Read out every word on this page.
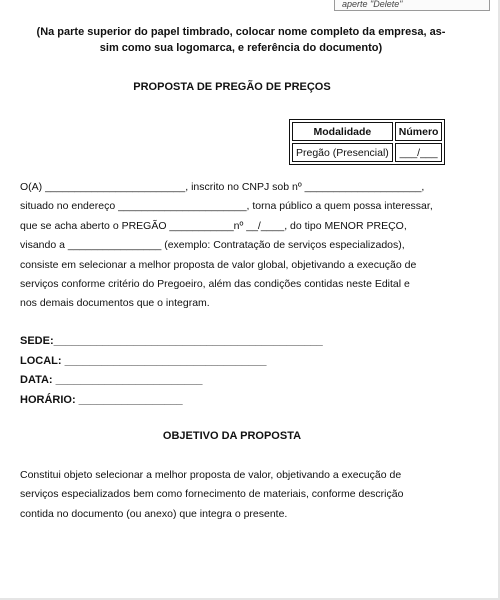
aperte "Delete"
(Na parte superior do papel timbrado, colocar nome completo da empresa, as-
sim como sua logomarca, e referência do documento)
PROPOSTA DE PREGÃO DE PREÇOS
Modalidade	Número
Pregão (Presencial)	___/___
O(A) ________________________, inscrito no CNPJ sob nº ____________________,
situado no endereço ______________________, torna público a quem possa interessar,
que se acha aberto o PREGÃO ___________nº __/____, do tipo MENOR PREÇO,
visando a ________________ (exemplo: Contratação de serviços especializados),
consiste em selecionar a melhor proposta de valor global, objetivando a execução de
serviços conforme critério do Pregoeiro, além das condições contidas neste Edital e
nos demais documentos que o integram.
SEDE:____________________________________________
LOCAL: _________________________________
DATA: ________________________
HORÁRIO: _________________
OBJETIVO DA PROPOSTA
Constitui objeto selecionar a melhor proposta de valor, objetivando a execução de
serviços especializados bem como fornecimento de materiais, conforme descrição
contida no documento (ou anexo) que integra o presente.
